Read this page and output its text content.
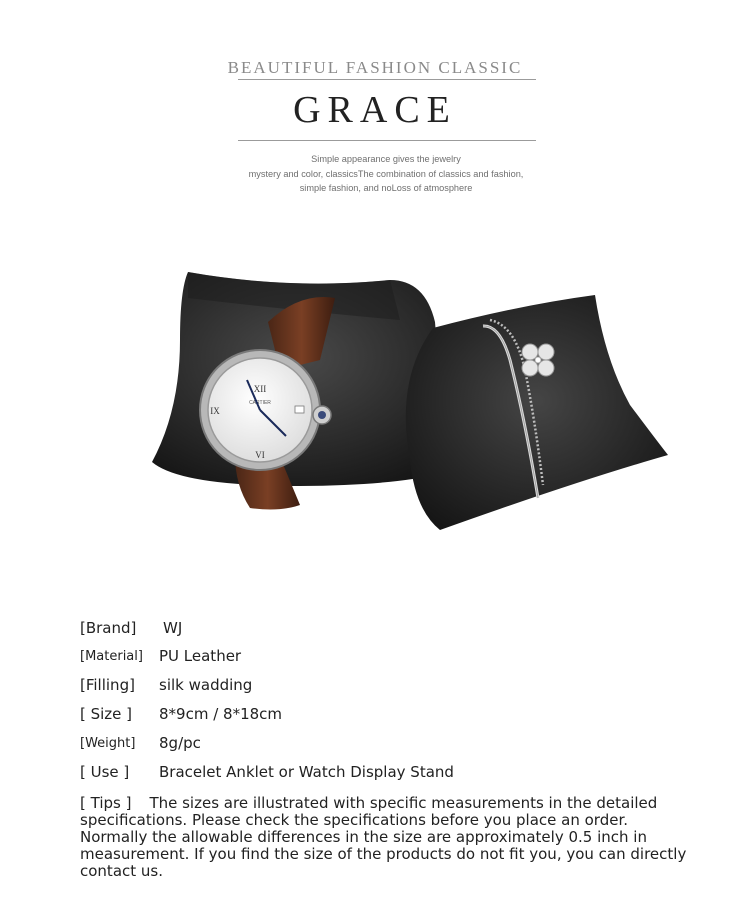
BEAUTIFUL FASHION CLASSIC
GRACE
Simple appearance gives the jewelry
mystery and color, classicsThe combination of classics and fashion,
simple fashion, and noLoss of atmosphere
XII
VI
IX
CARTIER
[Brand] WJ
[Material] PU Leather
[Filling] silk wadding
[ Size ] 8*9cm / 8*18cm
[Weight] 8g/pc
[ Use ] Bracelet Anklet or Watch Display Stand
[ Tips ] The sizes are illustrated with specific measurements in the detailed specifications. Please check the specifications before you place an order. Normally the allowable differences in the size are approximately 0.5 inch in measurement. If you find the size of the products do not fit you, you can directly contact us.
